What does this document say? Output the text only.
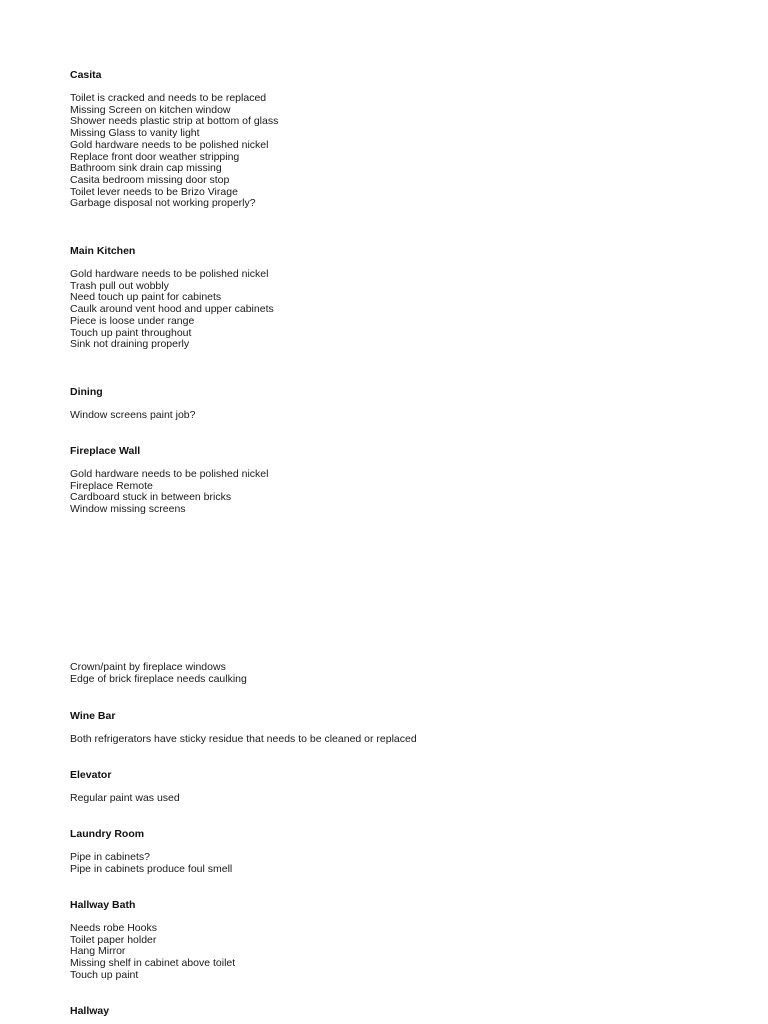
Casita
Toilet is cracked and needs to be replaced
Missing Screen on kitchen window
Shower needs plastic strip at bottom of glass
Missing Glass to vanity light
Gold hardware needs to be polished nickel
Replace front door weather stripping
Bathroom sink drain cap missing
Casita bedroom missing door stop
Toilet lever needs to be Brizo Virage
Garbage disposal not working properly?
Main Kitchen
Gold hardware needs to be polished nickel
Trash pull out wobbly
Need touch up paint for cabinets
Caulk around vent hood and upper cabinets
Piece is loose under range
Touch up paint throughout
Sink not draining properly
Dining
Window screens paint job?
Fireplace Wall
Gold hardware needs to be polished nickel
Fireplace Remote
Cardboard stuck in between bricks
Window missing screens
Crown/paint by fireplace windows
Edge of brick fireplace needs caulking
Wine Bar
Both refrigerators have sticky residue that needs to be cleaned or replaced
Elevator
Regular paint was used
Laundry Room
Pipe in cabinets?
Pipe in cabinets produce foul smell
Hallway Bath
Needs robe Hooks
Toilet paper holder
Hang Mirror
Missing shelf in cabinet above toilet
Touch up paint
Hallway
